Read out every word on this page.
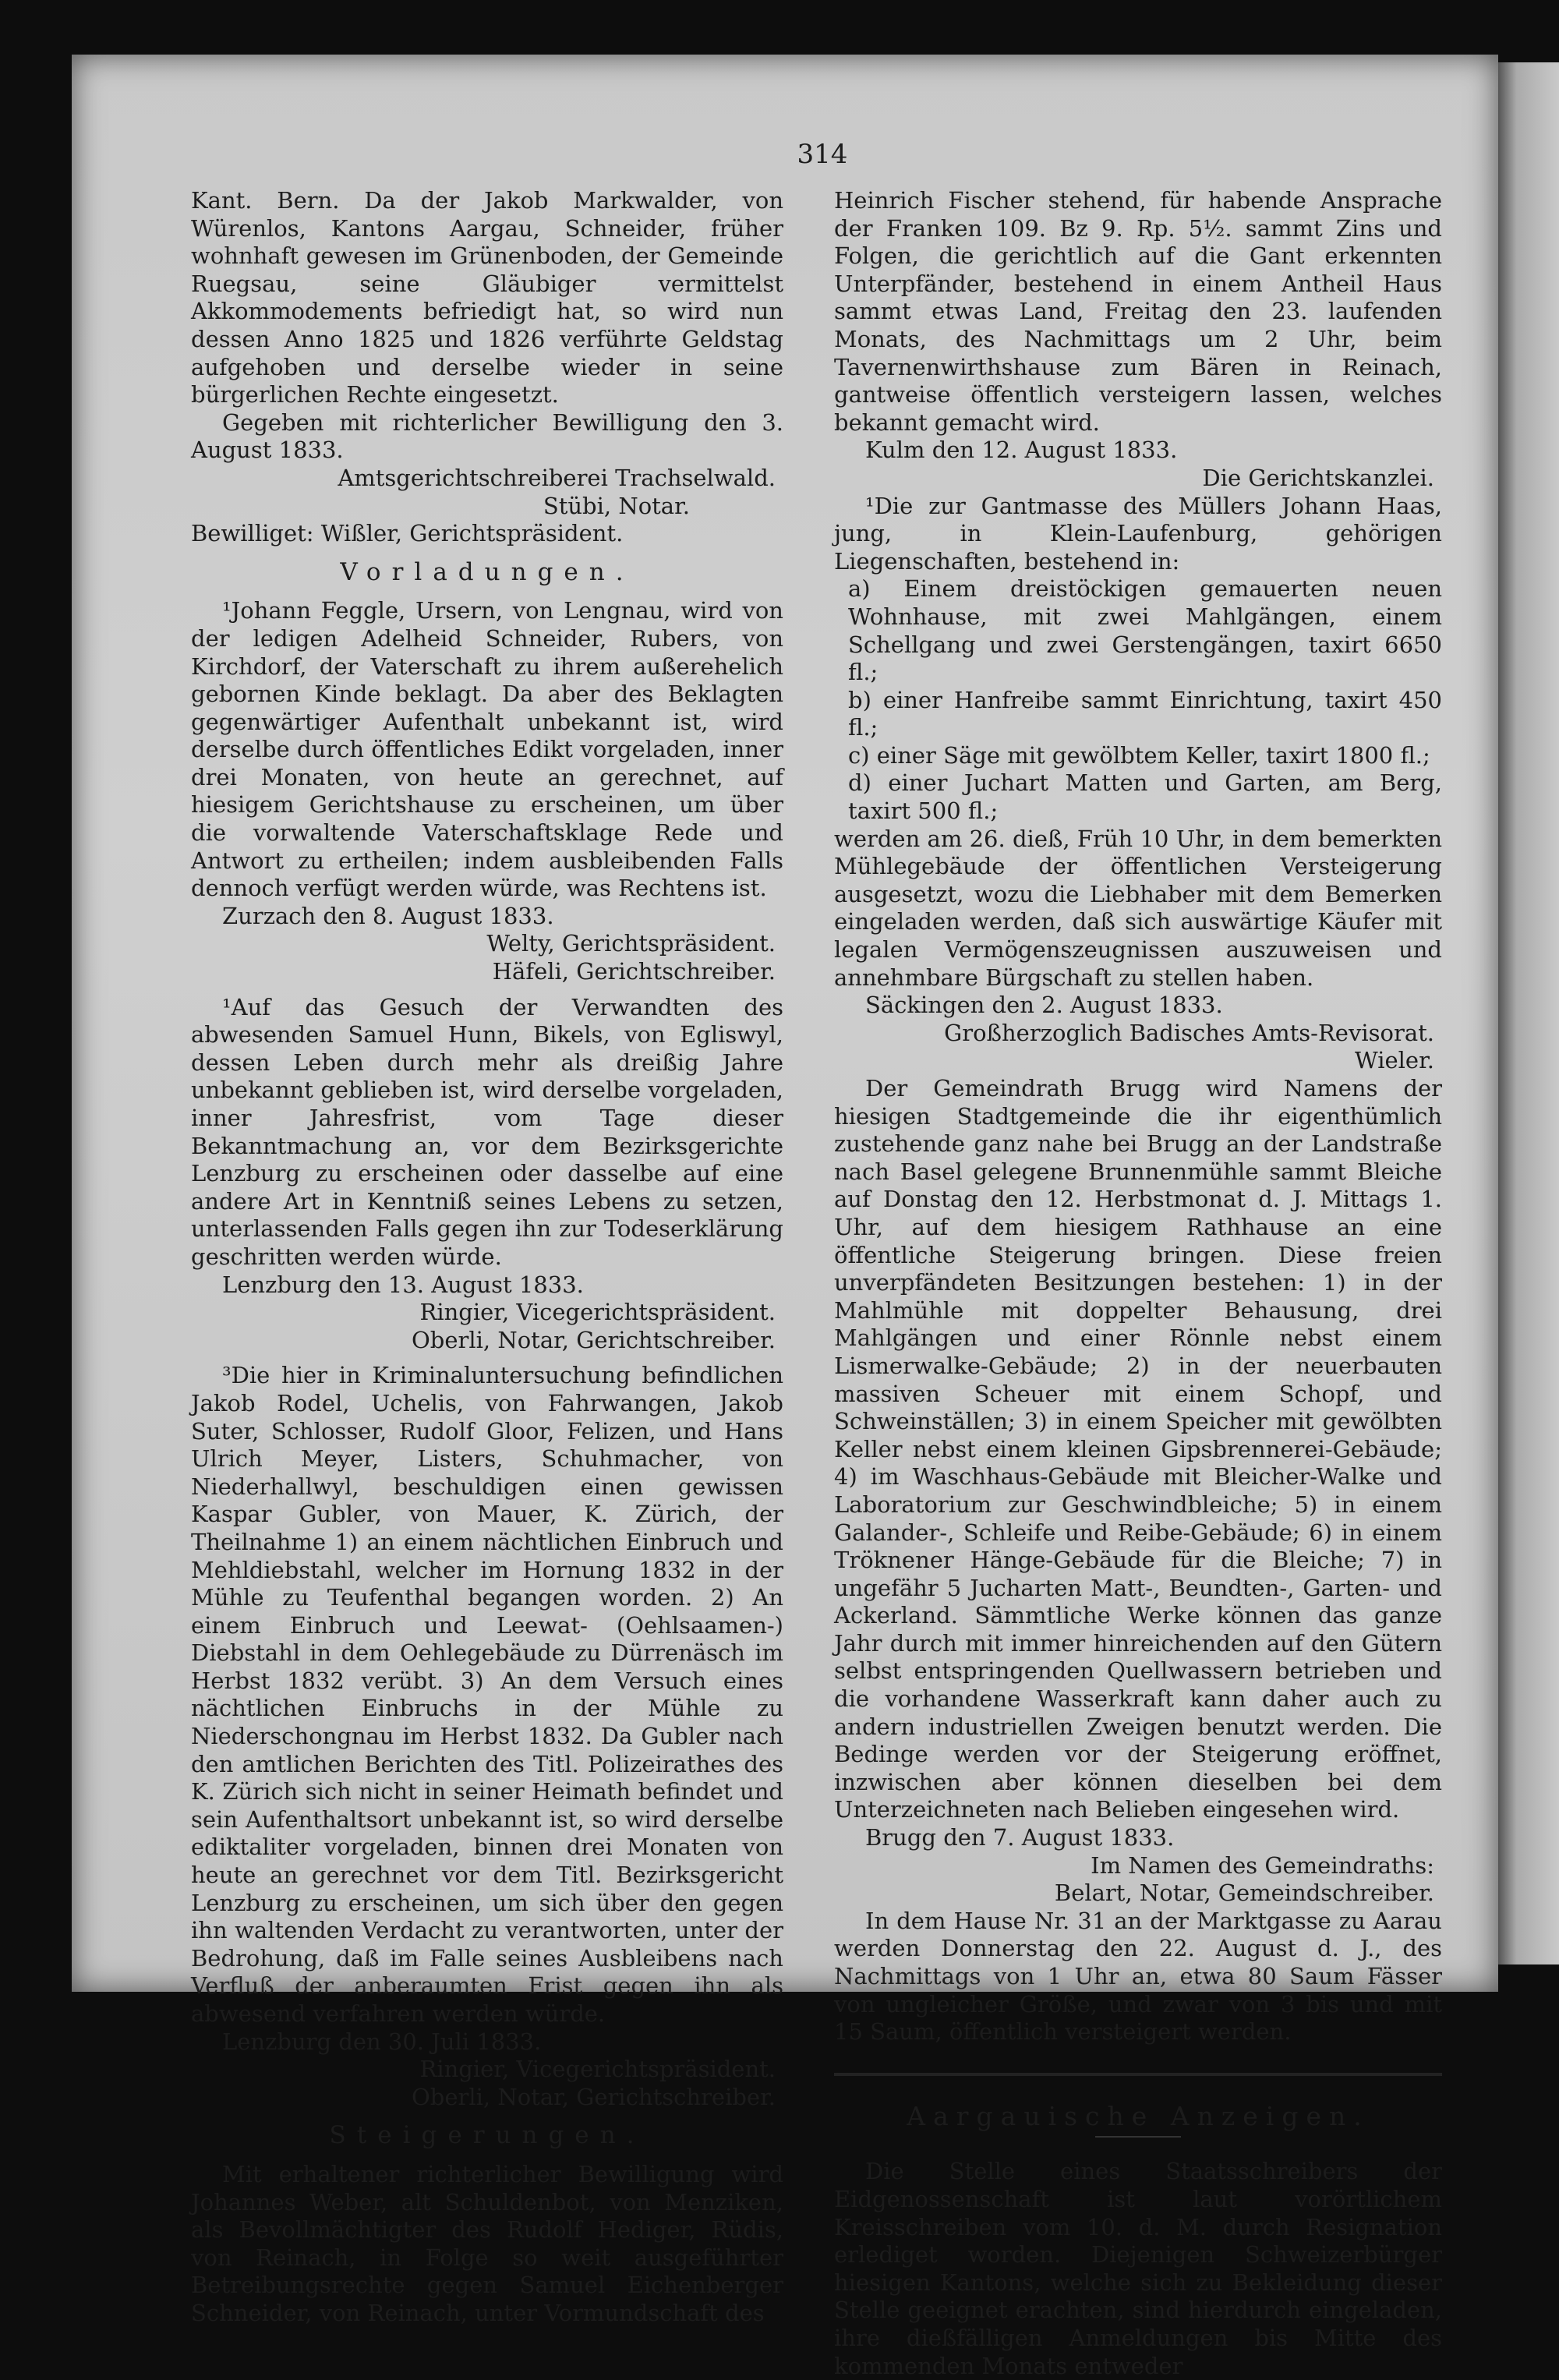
314

Kant. Bern. Da der Jakob Markwalder, von Würenlos, Kantons Aargau, Schneider, früher wohnhaft gewesen im Grünenboden, der Gemeinde Ruegsau, seine Gläubiger vermittelst Akkommodements befriedigt hat, so wird nun dessen Anno 1825 und 1826 verführte Geldstag aufgehoben und derselbe wieder in seine bürgerlichen Rechte eingesetzt.

Gegeben mit richterlicher Bewilligung den 3. August 1833.

Amtsgerichtschreiberei Trachselwald.

Stübi, Notar.

Bewilliget: Wißler, Gerichtspräsident.

Vorladungen.

¹Johann Feggle, Ursern, von Lengnau, wird von der ledigen Adelheid Schneider, Rubers, von Kirchdorf, der Vaterschaft zu ihrem außerehelich gebornen Kinde beklagt. Da aber des Beklagten gegenwärtiger Aufenthalt unbekannt ist, wird derselbe durch öffentliches Edikt vorgeladen, inner drei Monaten, von heute an gerechnet, auf hiesigem Gerichtshause zu erscheinen, um über die vorwaltende Vaterschaftsklage Rede und Antwort zu ertheilen; indem ausbleibenden Falls dennoch verfügt werden würde, was Rechtens ist.

Zurzach den 8. August 1833.

Welty, Gerichtspräsident.

Häfeli, Gerichtschreiber.

¹Auf das Gesuch der Verwandten des abwesenden Samuel Hunn, Bikels, von Egliswyl, dessen Leben durch mehr als dreißig Jahre unbekannt geblieben ist, wird derselbe vorgeladen, inner Jahresfrist, vom Tage dieser Bekanntmachung an, vor dem Bezirksgerichte Lenzburg zu erscheinen oder dasselbe auf eine andere Art in Kenntniß seines Lebens zu setzen, unterlassenden Falls gegen ihn zur Todeserklärung geschritten werden würde.

Lenzburg den 13. August 1833.

Ringier, Vicegerichtspräsident.

Oberli, Notar, Gerichtschreiber.

³Die hier in Kriminaluntersuchung befindlichen Jakob Rodel, Uchelis, von Fahrwangen, Jakob Suter, Schlosser, Rudolf Gloor, Felizen, und Hans Ulrich Meyer, Listers, Schuhmacher, von Niederhallwyl, beschuldigen einen gewissen Kaspar Gubler, von Mauer, K. Zürich, der Theilnahme 1) an einem nächtlichen Einbruch und Mehldiebstahl, welcher im Hornung 1832 in der Mühle zu Teufenthal begangen worden. 2) An einem Einbruch und Leewat- (Oehlsaamen-) Diebstahl in dem Oehlegebäude zu Dürrenäsch im Herbst 1832 verübt. 3) An dem Versuch eines nächtlichen Einbruchs in der Mühle zu Niederschongnau im Herbst 1832. Da Gubler nach den amtlichen Berichten des Titl. Polizeirathes des K. Zürich sich nicht in seiner Heimath befindet und sein Aufenthaltsort unbekannt ist, so wird derselbe ediktaliter vorgeladen, binnen drei Monaten von heute an gerechnet vor dem Titl. Bezirksgericht Lenzburg zu erscheinen, um sich über den gegen ihn waltenden Verdacht zu verantworten, unter der Bedrohung, daß im Falle seines Ausbleibens nach Verfluß der anberaumten Frist gegen ihn als abwesend verfahren werden würde.

Lenzburg den 30. Juli 1833.

Ringier, Vicegerichtspräsident.

Oberli, Notar, Gerichtschreiber.

Steigerungen.

Mit erhaltener richterlicher Bewilligung wird Johannes Weber, alt Schuldenbot, von Menziken, als Bevollmächtigter des Rudolf Hediger, Rüdis, von Reinach, in Folge so weit ausgeführter Betreibungsrechte gegen Samuel Eichenberger Schneider, von Reinach, unter Vormundschaft des

Heinrich Fischer stehend, für habende Ansprache der Franken 109. Bz 9. Rp. 5½. sammt Zins und Folgen, die gerichtlich auf die Gant erkennten Unterpfänder, bestehend in einem Antheil Haus sammt etwas Land, Freitag den 23. laufenden Monats, des Nachmittags um 2 Uhr, beim Tavernenwirthshause zum Bären in Reinach, gantweise öffentlich versteigern lassen, welches bekannt gemacht wird.

Kulm den 12. August 1833.

Die Gerichtskanzlei.

¹Die zur Gantmasse des Müllers Johann Haas, jung, in Klein-Laufenburg, gehörigen Liegenschaften, bestehend in:

a) Einem dreistöckigen gemauerten neuen Wohnhause, mit zwei Mahlgängen, einem Schellgang und zwei Gerstengängen, taxirt 6650 fl.;
b) einer Hanfreibe sammt Einrichtung, taxirt 450 fl.;
c) einer Säge mit gewölbtem Keller, taxirt 1800 fl.;
d) einer Juchart Matten und Garten, am Berg, taxirt 500 fl.;

werden am 26. dieß, Früh 10 Uhr, in dem bemerkten Mühlegebäude der öffentlichen Versteigerung ausgesetzt, wozu die Liebhaber mit dem Bemerken eingeladen werden, daß sich auswärtige Käufer mit legalen Vermögenszeugnissen auszuweisen und annehmbare Bürgschaft zu stellen haben.

Säckingen den 2. August 1833.

Großherzoglich Badisches Amts-Revisorat.

Wieler.

Der Gemeindrath Brugg wird Namens der hiesigen Stadtgemeinde die ihr eigenthümlich zustehende ganz nahe bei Brugg an der Landstraße nach Basel gelegene Brunnenmühle sammt Bleiche auf Donstag den 12. Herbstmonat d. J. Mittags 1. Uhr, auf dem hiesigem Rathhause an eine öffentliche Steigerung bringen. Diese freien unverpfändeten Besitzungen bestehen: 1) in der Mahlmühle mit doppelter Behausung, drei Mahlgängen und einer Rönnle nebst einem Lismerwalke-Gebäude; 2) in der neuerbauten massiven Scheuer mit einem Schopf, und Schweinställen; 3) in einem Speicher mit gewölbten Keller nebst einem kleinen Gipsbrennerei-Gebäude; 4) im Waschhaus-Gebäude mit Bleicher-Walke und Laboratorium zur Geschwindbleiche; 5) in einem Galander-, Schleife und Reibe-Gebäude; 6) in einem Tröknener Hänge-Gebäude für die Bleiche; 7) in ungefähr 5 Jucharten Matt-, Beundten-, Garten- und Ackerland. Sämmtliche Werke können das ganze Jahr durch mit immer hinreichenden auf den Gütern selbst entspringenden Quellwassern betrieben und die vorhandene Wasserkraft kann daher auch zu andern industriellen Zweigen benutzt werden. Die Bedinge werden vor der Steigerung eröffnet, inzwischen aber können dieselben bei dem Unterzeichneten nach Belieben eingesehen wird.

Brugg den 7. August 1833.

Im Namen des Gemeindraths:

Belart, Notar, Gemeindschreiber.

In dem Hause Nr. 31 an der Marktgasse zu Aarau werden Donnerstag den 22. August d. J., des Nachmittags von 1 Uhr an, etwa 80 Saum Fässer von ungleicher Größe, und zwar von 3 bis und mit 15 Saum, öffentlich versteigert werden.

Aargauische Anzeigen.

Die Stelle eines Staatsschreibers der Eidgenossenschaft ist laut vorörtlichem Kreisschreiben vom 10. d. M. durch Resignation erlediget worden. Diejenigen Schweizerbürger hiesigen Kantons, welche sich zu Bekleidung dieser Stelle geeignet erachten, sind hierdurch eingeladen, ihre dießfälligen Anmeldungen bis Mitte des kommenden Monats entweder
